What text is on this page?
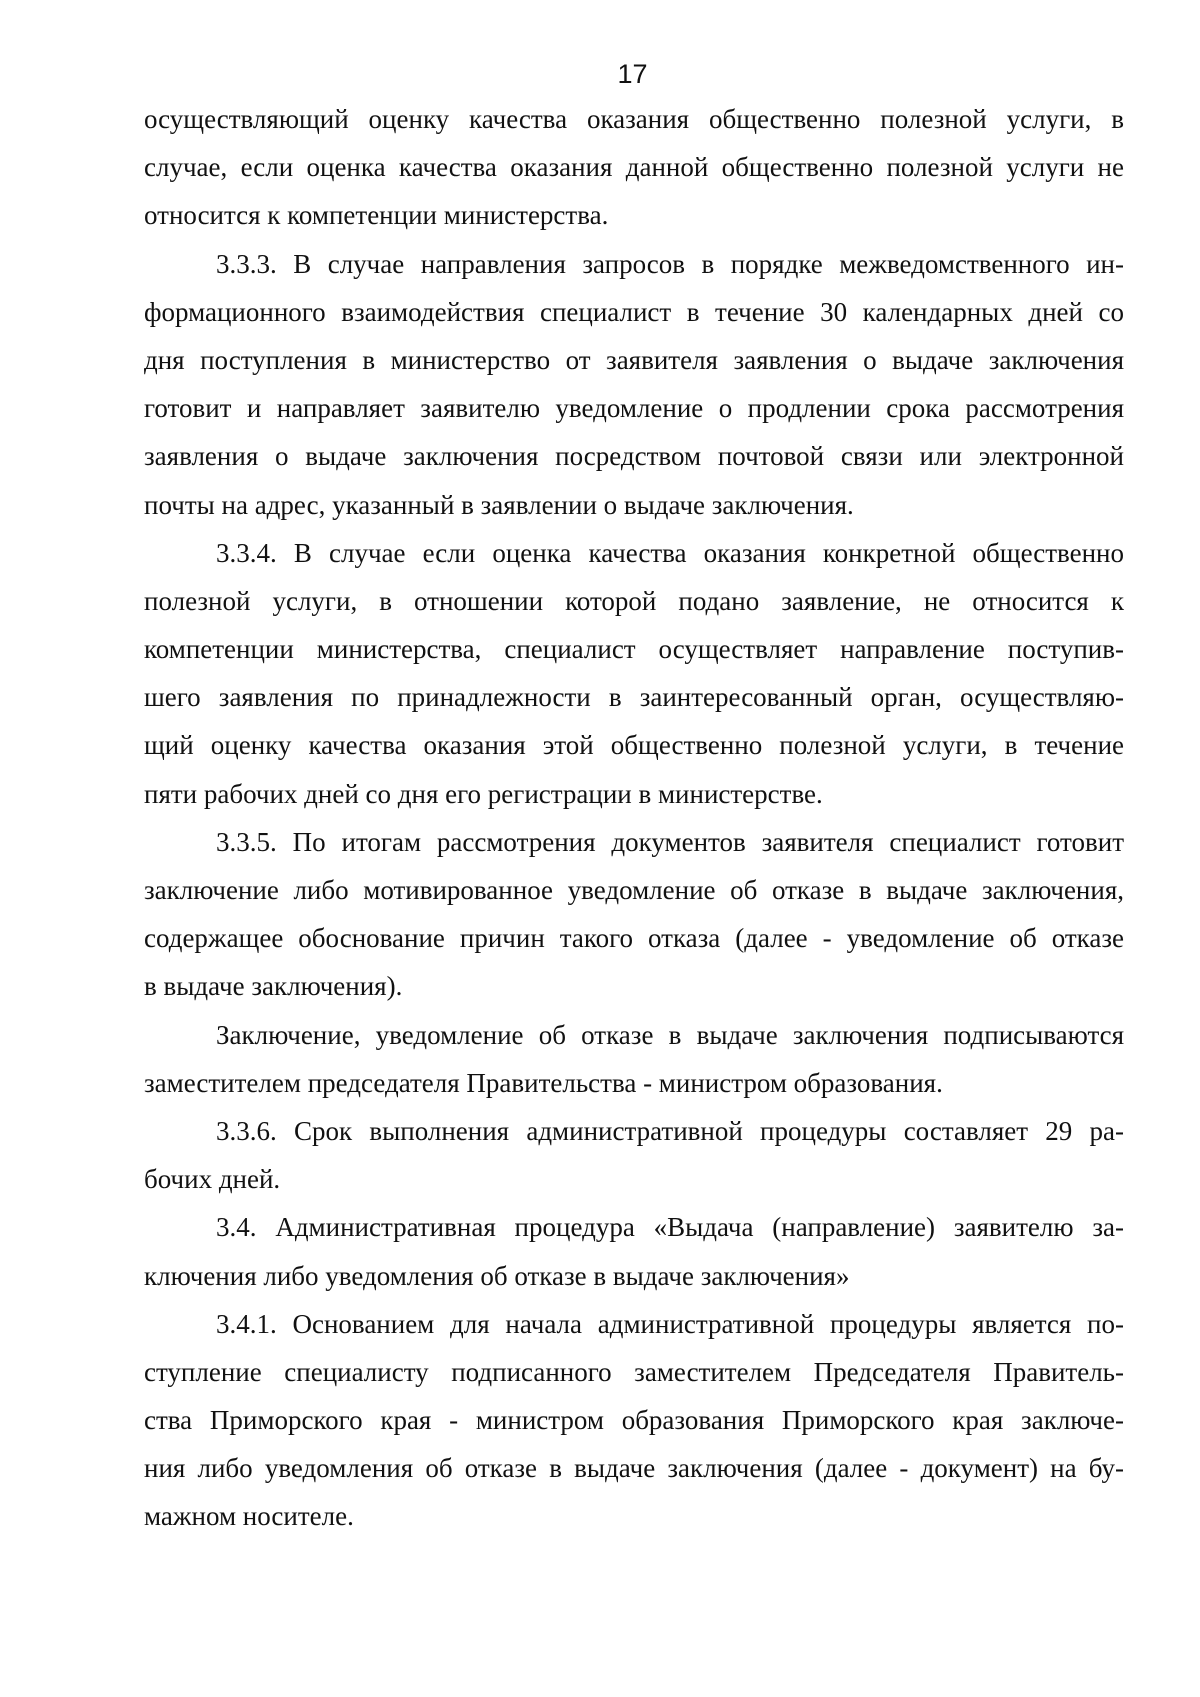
17
осуществляющий оценку качества оказания общественно полезной услуги, в
случае, если оценка качества оказания данной общественно полезной услуги не
относится к компетенции министерства.
3.3.3. В случае направления запросов в порядке межведомственного ин-
формационного взаимодействия специалист в течение 30 календарных дней со
дня поступления в министерство от заявителя заявления о выдаче заключения
готовит и направляет заявителю уведомление о продлении срока рассмотрения
заявления о выдаче заключения посредством почтовой связи или электронной
почты на адрес, указанный в заявлении о выдаче заключения.
3.3.4. В случае если оценка качества оказания конкретной общественно
полезной услуги, в отношении которой подано заявление, не относится к
компетенции министерства, специалист осуществляет направление поступив-
шего заявления по принадлежности в заинтересованный орган, осуществляю-
щий оценку качества оказания этой общественно полезной услуги, в течение
пяти рабочих дней со дня его регистрации в министерстве.
3.3.5. По итогам рассмотрения документов заявителя специалист готовит
заключение либо мотивированное уведомление об отказе в выдаче заключения,
содержащее обоснование причин такого отказа (далее - уведомление об отказе
в выдаче заключения).
Заключение, уведомление об отказе в выдаче заключения подписываются
заместителем председателя Правительства - министром образования.
3.3.6. Срок выполнения административной процедуры составляет 29 ра-
бочих дней.
3.4. Административная процедура «Выдача (направление) заявителю за-
ключения либо уведомления об отказе в выдаче заключения»
3.4.1. Основанием для начала административной процедуры является по-
ступление специалисту подписанного заместителем Председателя Правитель-
ства Приморского края - министром образования Приморского края заключе-
ния либо уведомления об отказе в выдаче заключения (далее - документ) на бу-
мажном носителе.
